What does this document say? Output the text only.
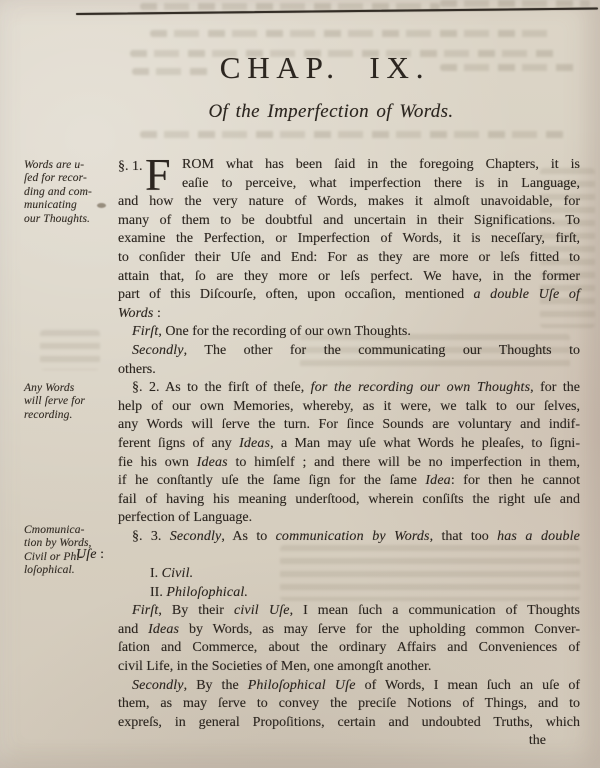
CHAP. IX.
Of the Imperfection of Words.
Words are u-
ſed for recor-
ding and com-
municating
our Thoughts.
Any Words
will ſerve for
recording.
Cmomunica-
tion by Words,
Civil or Phi-
loſophical.
§. 1. F ROM what has been ſaid in the foregoing Chapters, it is
eaſie to perceive, what imperfection there is in Language,
and how the very nature of Words, makes it almoſt unavoidable, for
many of them to be doubtful and uncertain in their Significations. To
examine the Perfection, or Imperfection of Words, it is neceſſary, firſt,
to conſider their Uſe and End: For as they are more or leſs fitted to
attain that, ſo are they more or leſs perfect. We have, in the former
part of this Diſcourſe, often, upon occaſion, mentioned a double Uſe of
Words :
Firſt, One for the recording of our own Thoughts.
Secondly, The other for the communicating our Thoughts to
others.
§. 2. As to the firſt of theſe, for the recording our own Thoughts, for the
help of our own Memories, whereby, as it were, we talk to our ſelves,
any Words will ſerve the turn. For ſince Sounds are voluntary and indif-
ferent ſigns of any Ideas, a Man may uſe what Words he pleaſes, to ſigni-
fie his own Ideas to himſelf ; and there will be no imperfection in them,
if he conſtantly uſe the ſame ſign for the ſame Idea: for then he cannot
fail of having his meaning underſtood, wherein conſiſts the right uſe and
perfection of Language.
§. 3. Secondly, As to communication by Words, that too has a double
Uſe :
I. Civil.
II. Philoſophical.
Firſt, By their civil Uſe, I mean ſuch a communication of Thoughts
and Ideas by Words, as may ſerve for the upholding common Conver-
ſation and Commerce, about the ordinary Affairs and Conveniences of
civil Life, in the Societies of Men, one amongſt another.
Secondly, By the Philoſophical Uſe of Words, I mean ſuch an uſe of
them, as may ſerve to convey the preciſe Notions of Things, and to
expreſs, in general Propoſitions, certain and undoubted Truths, which
the
